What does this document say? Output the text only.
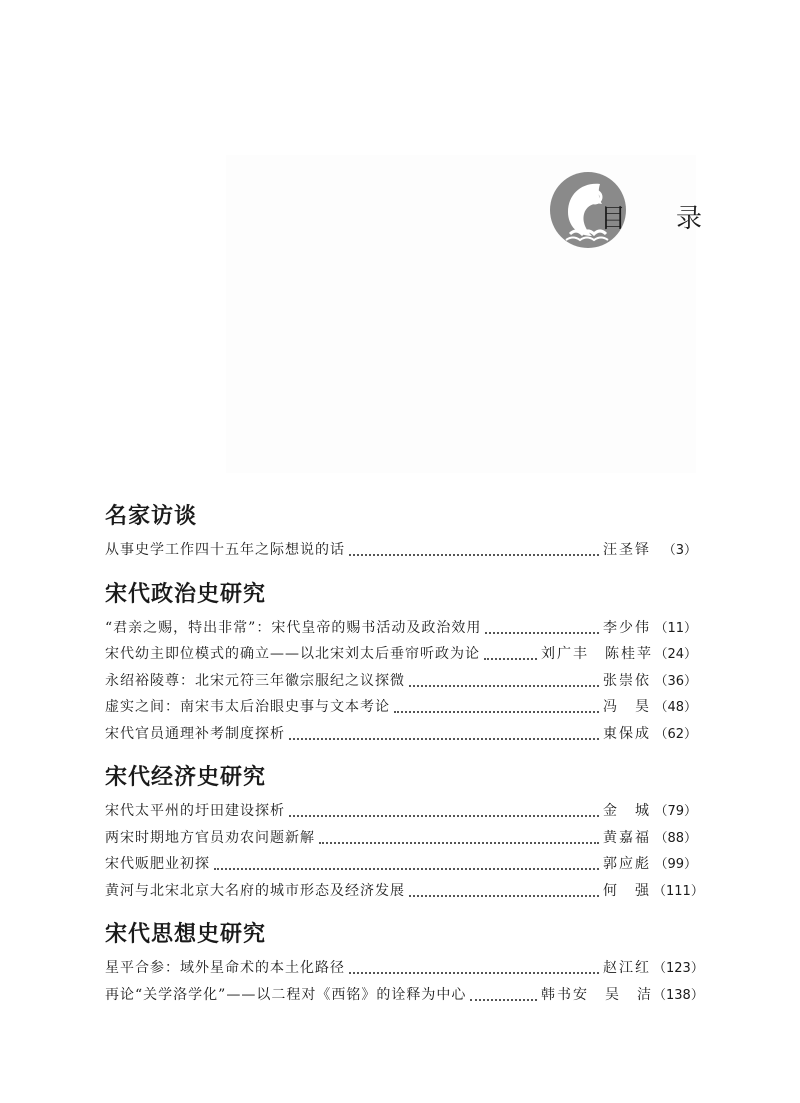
目 录
名家访谈
从事史学工作四十五年之际想说的话	汪圣铎 （3）
宋代政治史研究
“君亲之赐，特出非常”：宋代皇帝的赐书活动及政治效用	李少伟 （11）
宋代幼主即位模式的确立——以北宋刘太后垂帘听政为论	刘广丰　陈桂苹 （24）
永绍裕陵尊：北宋元符三年徽宗服纪之议探微	张崇依 （36）
虚实之间：南宋韦太后治眼史事与文本考论	冯　昊 （48）
宋代官员通理补考制度探析	東保成 （62）
宋代经济史研究
宋代太平州的圩田建设探析	金　城 （79）
两宋时期地方官员劝农问题新解	黄嘉福 （88）
宋代贩肥业初探	郭应彪 （99）
黄河与北宋北京大名府的城市形态及经济发展	何　强 （111）
宋代思想史研究
星平合参：域外星命术的本土化路径	赵江红 （123）
再论“关学洛学化”——以二程对《西铭》的诠释为中心	韩书安　吴　洁 （138）
